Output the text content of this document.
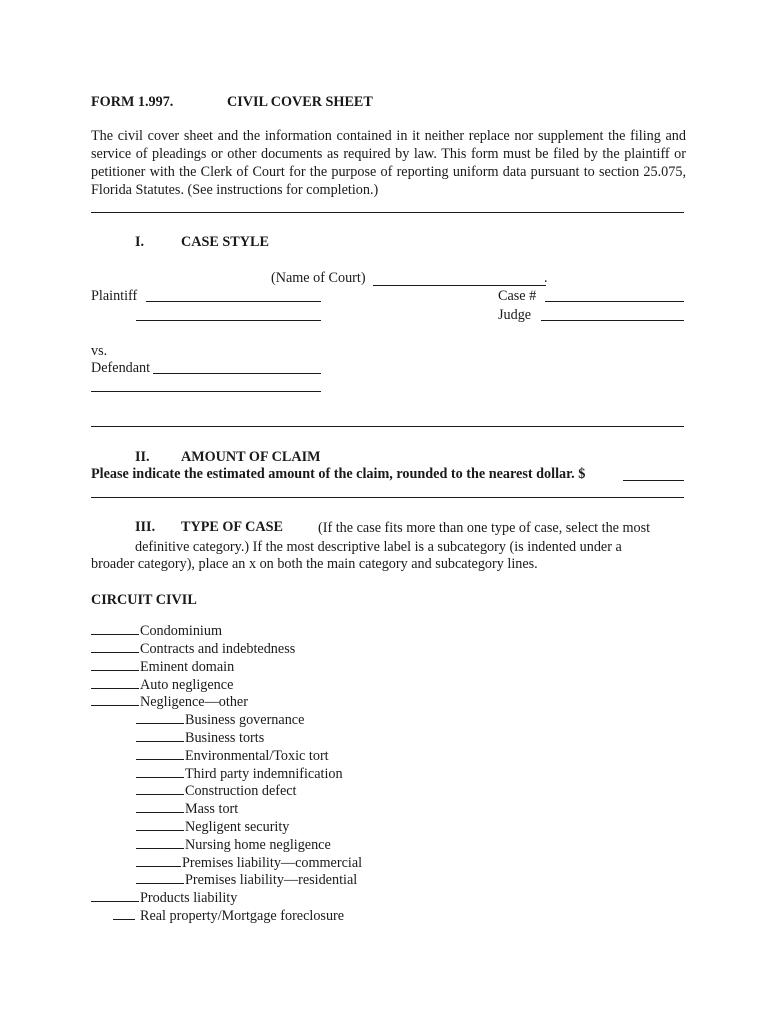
FORM 1.997.	CIVIL COVER SHEET
The civil cover sheet and the information contained in it neither replace nor supplement the filing and service of pleadings or other documents as required by law. This form must be filed by the plaintiff or petitioner with the Clerk of Court for the purpose of reporting uniform data pursuant to section 25.075, Florida Statutes. (See instructions for completion.)
I.	CASE STYLE
(Name of Court)	.
Plaintiff	Case #
Judge
vs.
Defendant
II. AMOUNT OF CLAIM
Please indicate the estimated amount of the claim, rounded to the nearest dollar. $
III. TYPE OF CASE (If the case fits more than one type of case, select the most
definitive category.) If the most descriptive label is a subcategory (is indented under a
broader category), place an x on both the main category and subcategory lines.
CIRCUIT CIVIL
Condominium
Contracts and indebtedness
Eminent domain
Auto negligence
Negligence—other
Business governance
Business torts
Environmental/Toxic tort
Third party indemnification
Construction defect
Mass tort
Negligent security
Nursing home negligence
Premises liability—commercial
Premises liability—residential
Products liability
Real property/Mortgage foreclosure
